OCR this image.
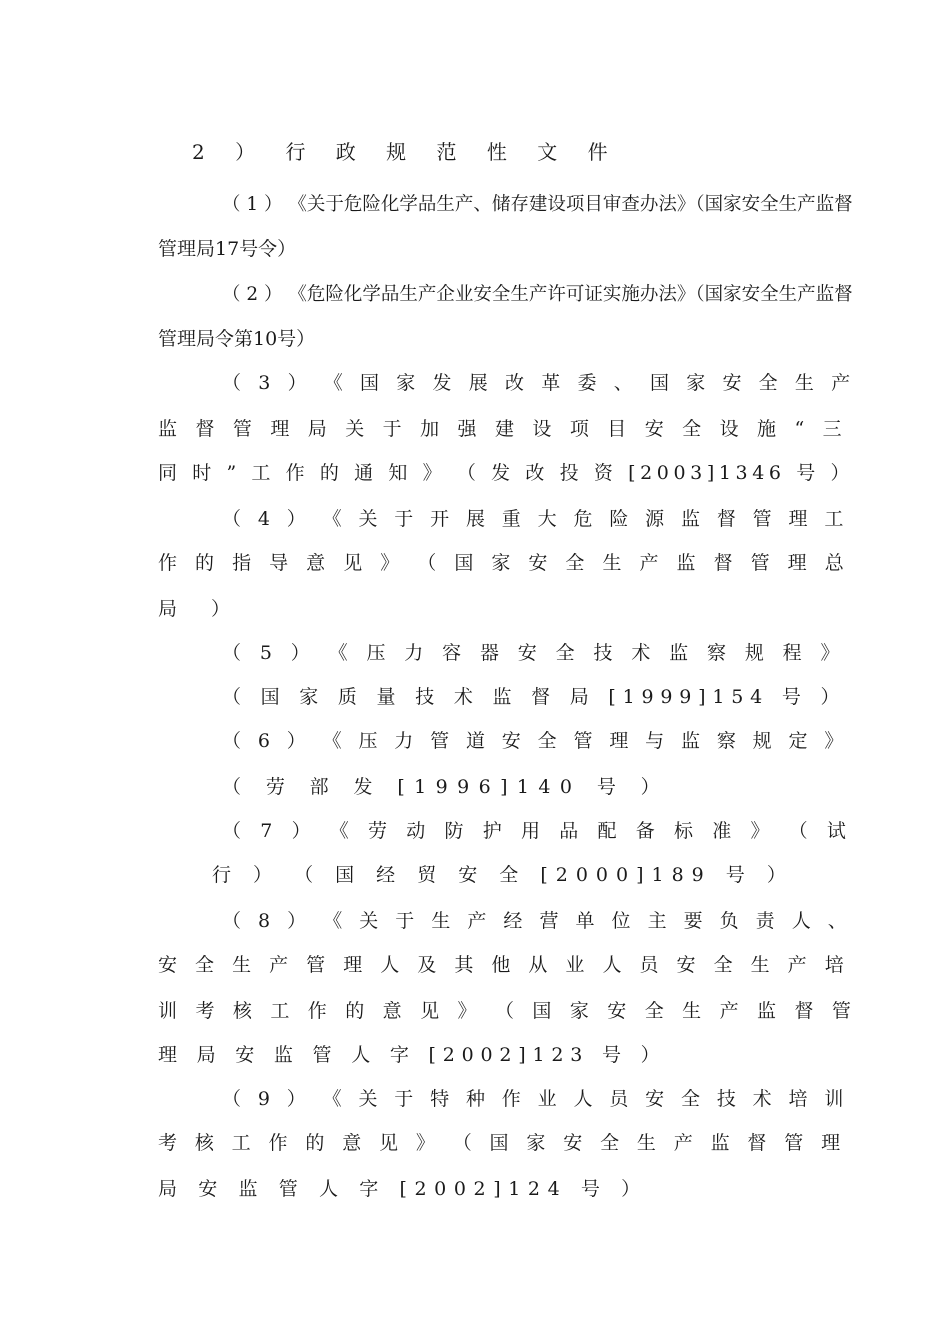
2 ） 行 政 规 范 性 文 件
（ 1 ） 《关于危险化学品生产、储存建设项目审查办法》（国家安全生产监督
管理局17号令）
（ 2 ） 《危险化学品生产企业安全生产许可证实施办法》（国家安全生产监督
管理局令第10号）
（ 3 ） 《 国 家 发 展 改 革 委 、 国 家 安 全 生 产
监 督 管 理 局 关 于 加 强 建 设 项 目 安 全 设 施 “ 三
同 时 ” 工 作 的 通 知 》 （ 发 改 投 资 [2003]1346 号 ）
（ 4 ） 《 关 于 开 展 重 大 危 险 源 监 督 管 理 工
作 的 指 导 意 见 》 （ 国 家 安 全 生 产 监 督 管 理 总
局 ）
（ 5 ） 《 压 力 容 器 安 全 技 术 监 察 规 程 》
（ 国 家 质 量 技 术 监 督 局 [1999]154 号 ）
（ 6 ） 《 压 力 管 道 安 全 管 理 与 监 察 规 定 》
（ 劳 部 发 [1996]140 号 ）
（ 7 ） 《 劳 动 防 护 用 品 配 备 标 准 》 （ 试
行 ） （ 国 经 贸 安 全 [2000]189 号 ）
（ 8 ） 《 关 于 生 产 经 营 单 位 主 要 负 责 人 、
安 全 生 产 管 理 人 及 其 他 从 业 人 员 安 全 生 产 培
训 考 核 工 作 的 意 见 》 （ 国 家 安 全 生 产 监 督 管
理 局 安 监 管 人 字 [2002]123 号 ）
（ 9 ） 《 关 于 特 种 作 业 人 员 安 全 技 术 培 训
考 核 工 作 的 意 见 》 （ 国 家 安 全 生 产 监 督 管 理
局 安 监 管 人 字 [2002]124 号 ）
